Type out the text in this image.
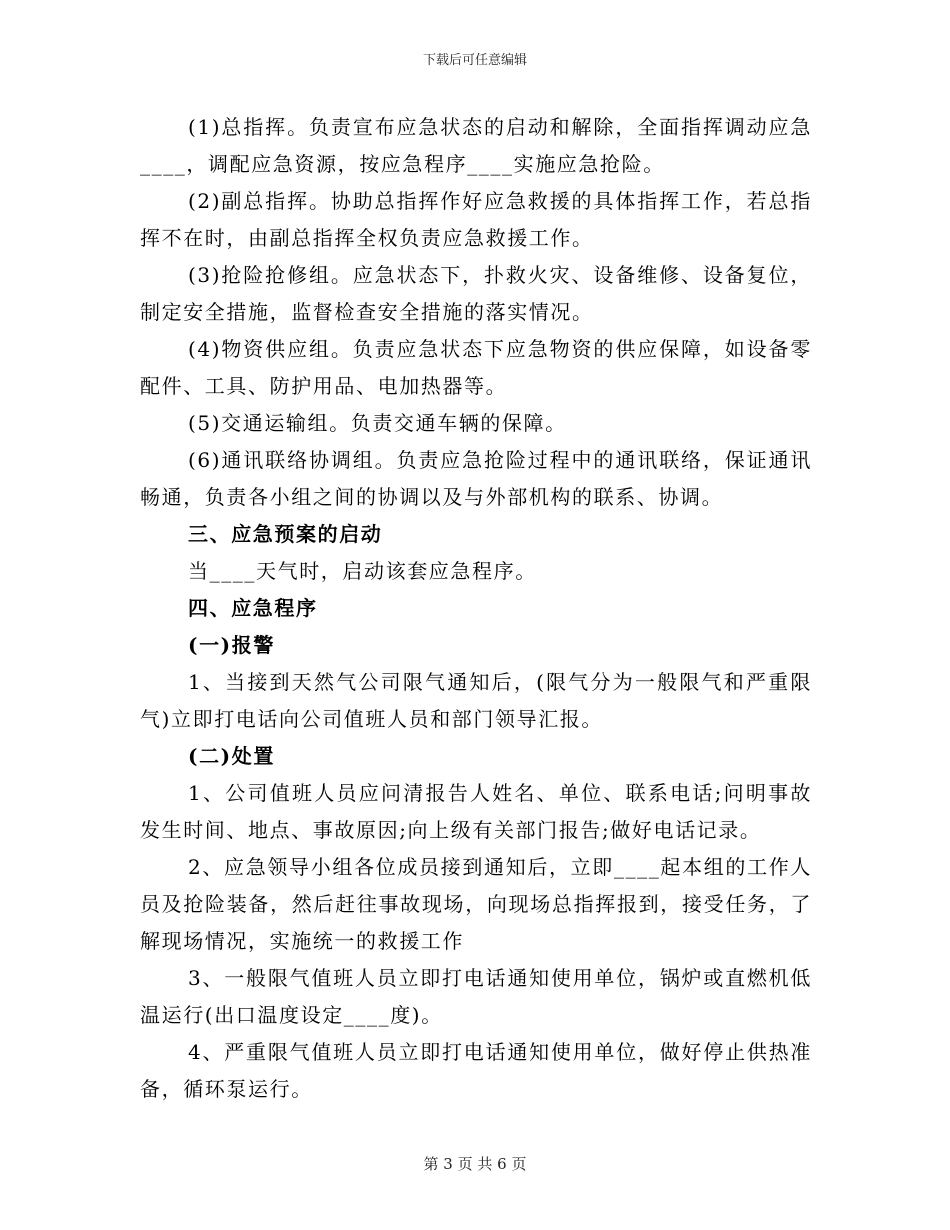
下载后可任意编辑

(1)总指挥。负责宣布应急状态的启动和解除，全面指挥调动应急____，调配应急资源，按应急程序____实施应急抢险。

(2)副总指挥。协助总指挥作好应急救援的具体指挥工作，若总指挥不在时，由副总指挥全权负责应急救援工作。

(3)抢险抢修组。应急状态下，扑救火灾、设备维修、设备复位，制定安全措施，监督检查安全措施的落实情况。

(4)物资供应组。负责应急状态下应急物资的供应保障，如设备零配件、工具、防护用品、电加热器等。

(5)交通运输组。负责交通车辆的保障。

(6)通讯联络协调组。负责应急抢险过程中的通讯联络，保证通讯畅通，负责各小组之间的协调以及与外部机构的联系、协调。

三、应急预案的启动

当____天气时，启动该套应急程序。

四、应急程序

(一)报警

1、当接到天然气公司限气通知后，(限气分为一般限气和严重限气)立即打电话向公司值班人员和部门领导汇报。

(二)处置

1、公司值班人员应问清报告人姓名、单位、联系电话;问明事故发生时间、地点、事故原因;向上级有关部门报告;做好电话记录。

2、应急领导小组各位成员接到通知后，立即____起本组的工作人员及抢险装备，然后赶往事故现场，向现场总指挥报到，接受任务，了解现场情况，实施统一的救援工作

3、一般限气值班人员立即打电话通知使用单位，锅炉或直燃机低温运行(出口温度设定____度)。

4、严重限气值班人员立即打电话通知使用单位，做好停止供热准备，循环泵运行。

第 3 页 共 6 页
